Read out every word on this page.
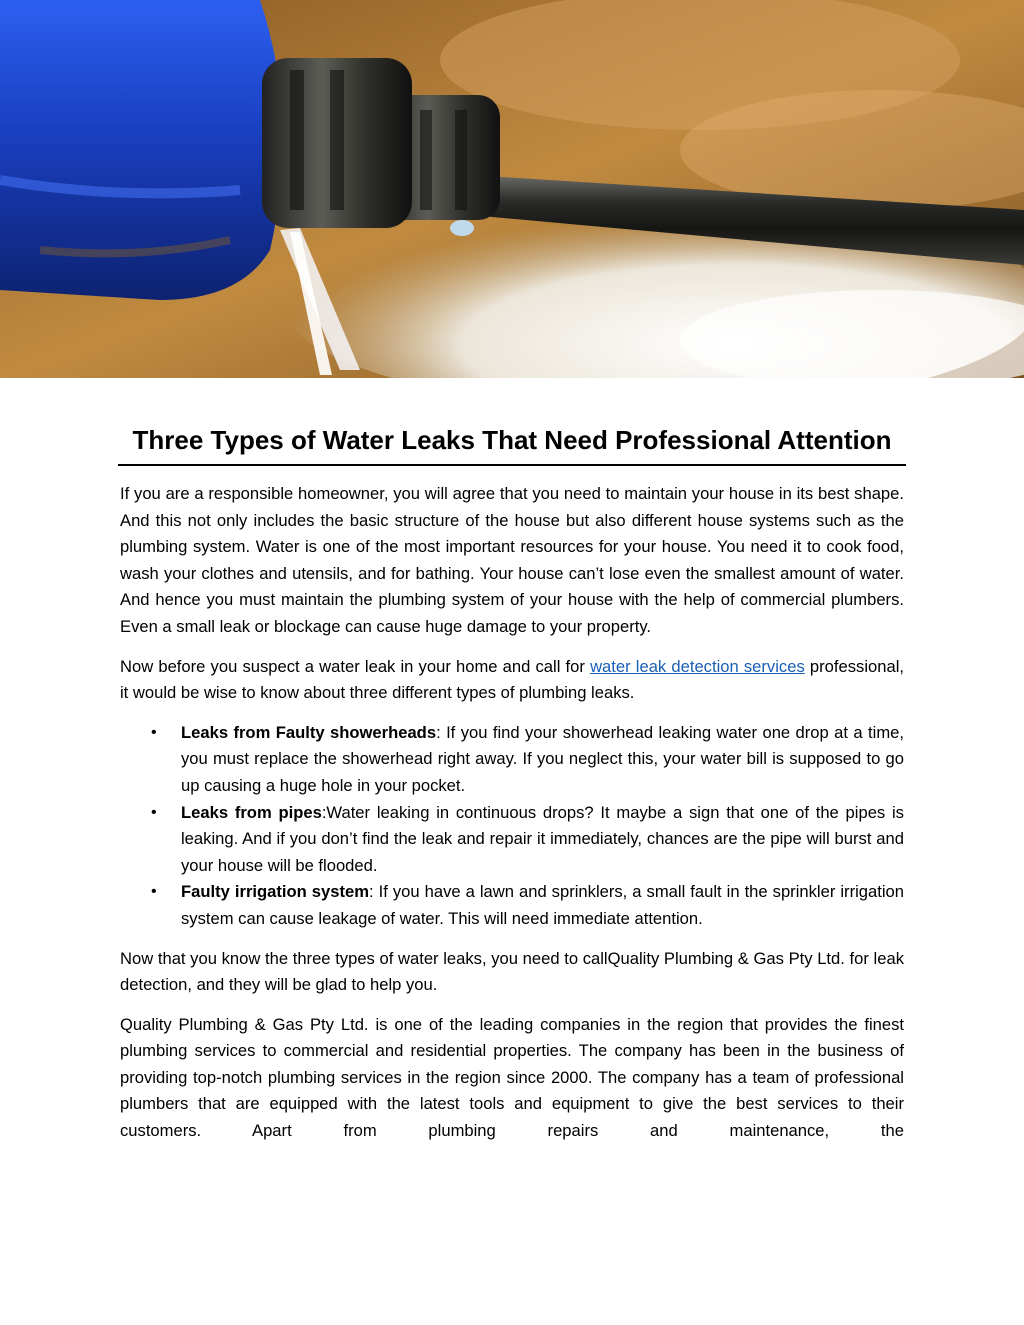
Three Types of Water Leaks That Need Professional Attention

If you are a responsible homeowner, you will agree that you need to maintain your house in its best shape. And this not only includes the basic structure of the house but also different house systems such as the plumbing system. Water is one of the most important resources for your house. You need it to cook food, wash your clothes and utensils, and for bathing. Your house can’t lose even the smallest amount of water. And hence you must maintain the plumbing system of your house with the help of commercial plumbers. Even a small leak or blockage can cause huge damage to your property.

Now before you suspect a water leak in your home and call for water leak detection services professional, it would be wise to know about three different types of plumbing leaks.

• Leaks from Faulty showerheads: If you find your showerhead leaking water one drop at a time, you must replace the showerhead right away. If you neglect this, your water bill is supposed to go up causing a huge hole in your pocket.
• Leaks from pipes:Water leaking in continuous drops? It maybe a sign that one of the pipes is leaking. And if you don’t find the leak and repair it immediately, chances are the pipe will burst and your house will be flooded.
• Faulty irrigation system: If you have a lawn and sprinklers, a small fault in the sprinkler irrigation system can cause leakage of water. This will need immediate attention.

Now that you know the three types of water leaks, you need to callQuality Plumbing & Gas Pty Ltd. for leak detection, and they will be glad to help you.

Quality Plumbing & Gas Pty Ltd. is one of the leading companies in the region that provides the finest plumbing services to commercial and residential properties. The company has been in the business of providing top-notch plumbing services in the region since 2000. The company has a team of professional plumbers that are equipped with the latest tools and equipment to give the best services to their customers. Apart from plumbing repairs and maintenance, the
